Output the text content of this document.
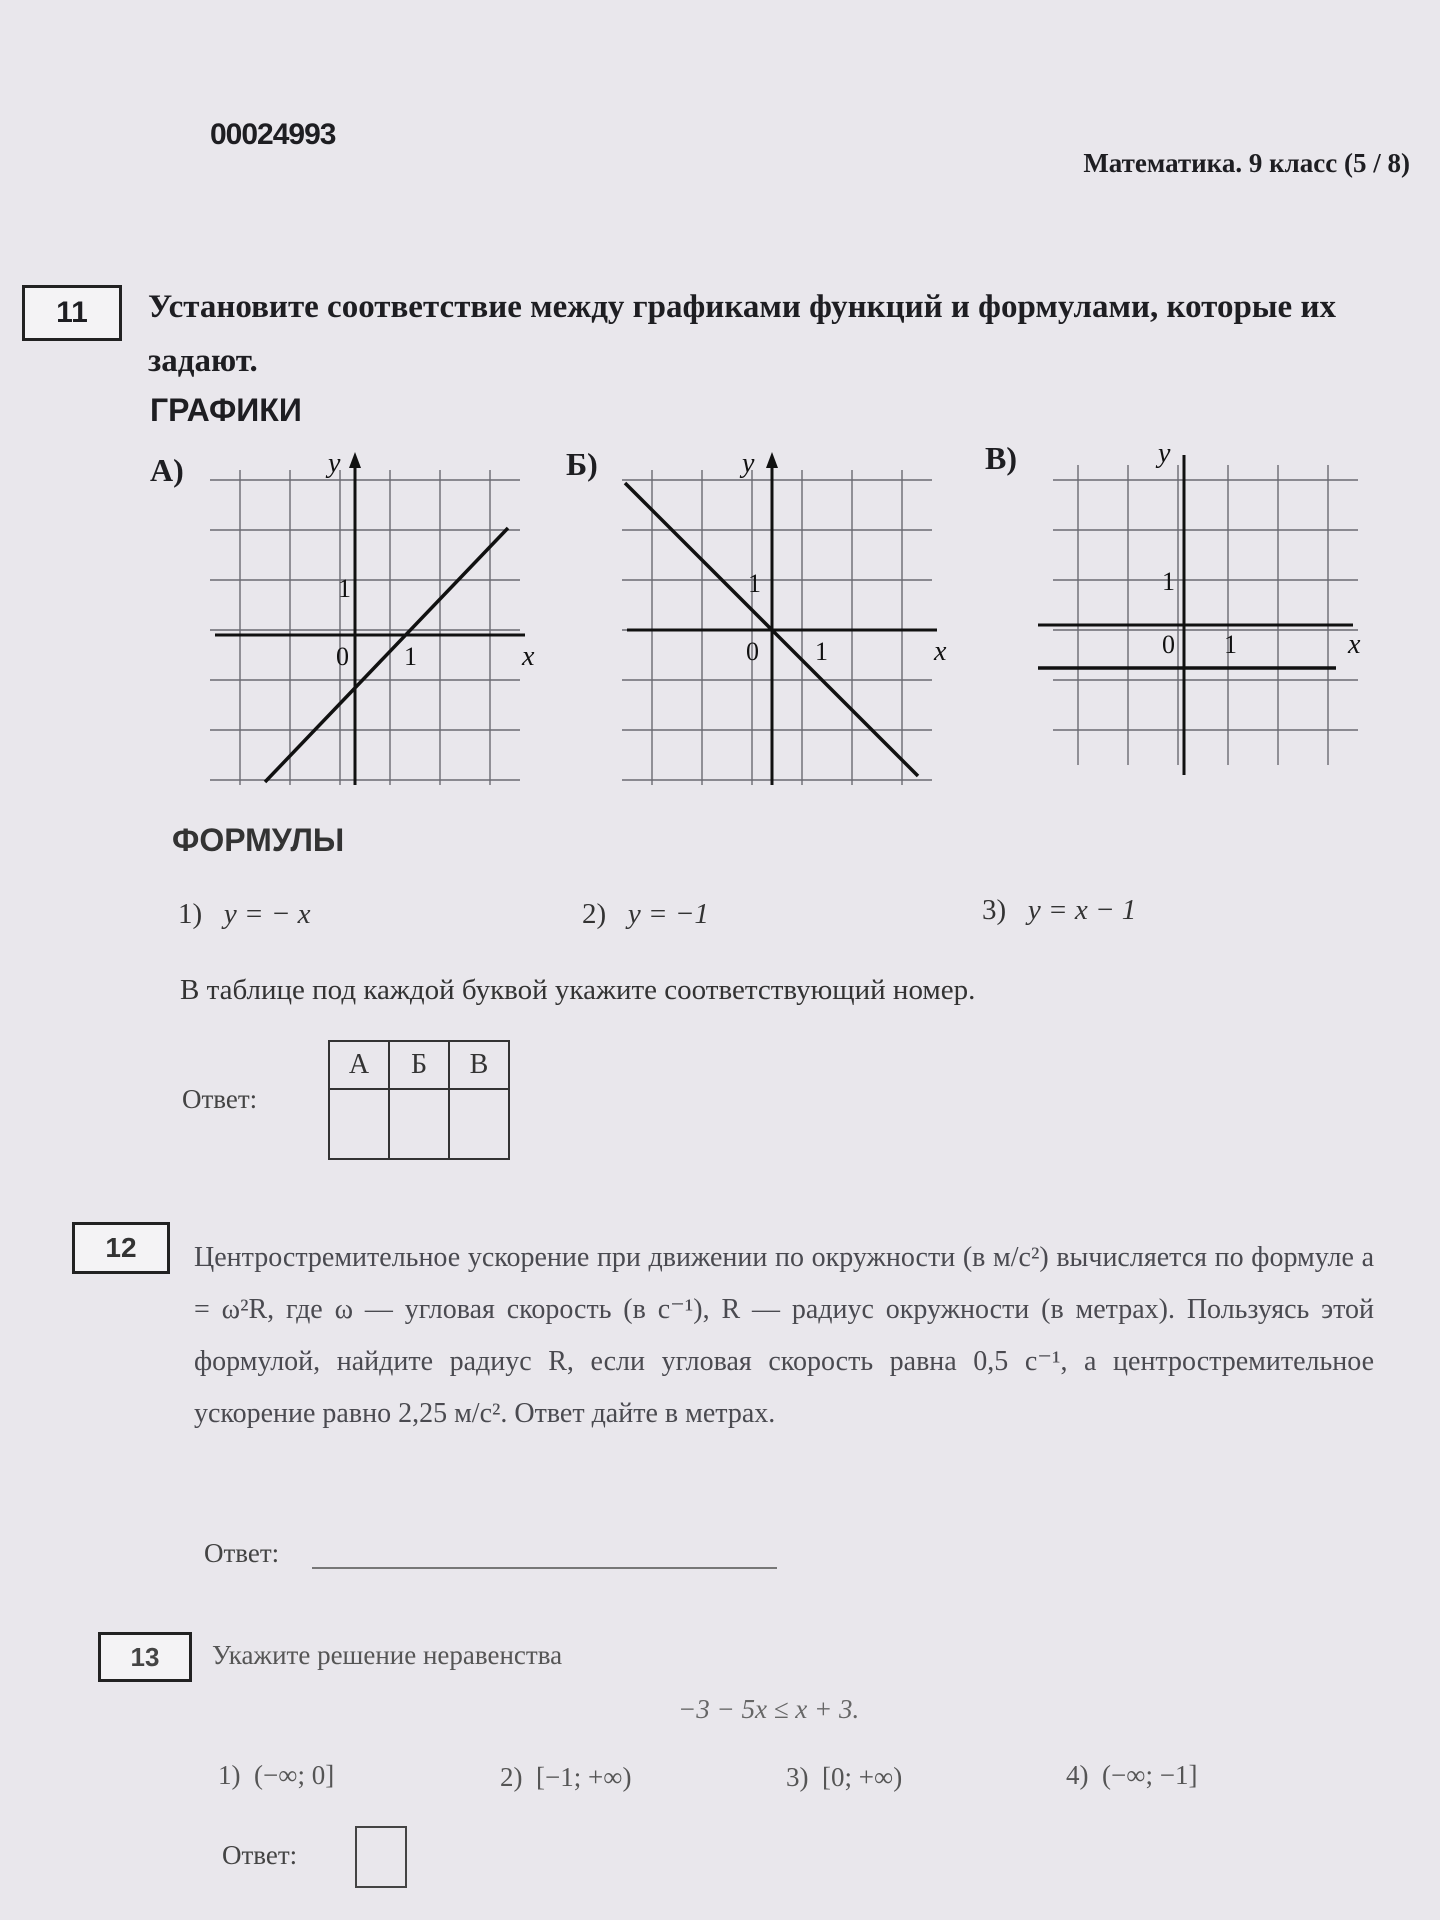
00024993
Математика. 9 класс (5 / 8)
11	Установите соответствие между графиками функций и формулами, которые их задают.
ГРАФИКИ
А)	Б)	В)
y
x
1
0 1
y
x
1
0 1
y
x
1
0 1
ФОРМУЛЫ
1) y = − x	2) y = −1	3) y = x − 1
В таблице под каждой буквой укажите соответствующий номер.
Ответ:
А	Б	В

12	Центростремительное ускорение при движении по окружности (в м/с²) вычисляется по формуле a = ω²R, где ω — угловая скорость (в с⁻¹), R — радиус окружности (в метрах). Пользуясь этой формулой, найдите радиус R, если угловая скорость равна 0,5 с⁻¹, а центростремительное ускорение равно 2,25 м/с². Ответ дайте в метрах.
Ответ:
13	Укажите решение неравенства
−3 − 5x ≤ x + 3.
1) (−∞; 0]	2) [−1; +∞)	3) [0; +∞)	4) (−∞; −1]
Ответ:
